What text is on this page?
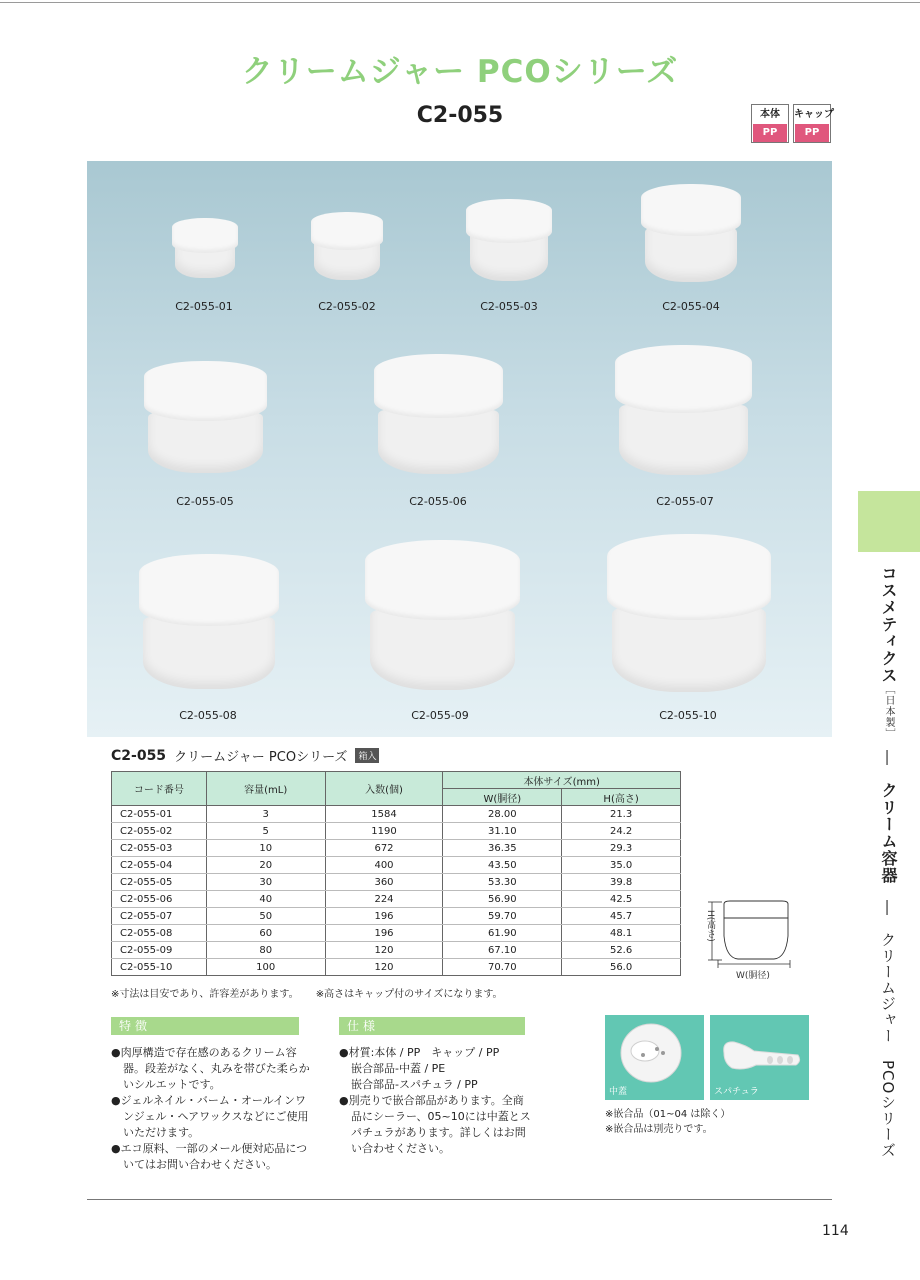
クリームジャー PCOシリーズ
C2-055	本体
PP
キャップ
PP
C2-055-01	C2-055-02	C2-055-03	C2-055-04
C2-055-05	C2-055-06	C2-055-07
C2-055-08	C2-055-09	C2-055-10
コスメティクス［日本製］　―　クリーム容器　―　クリームジャー　PCOシリーズ
C2-055 クリームジャー PCOシリーズ	箱入
コード番号	容量(mL)	入数(個)	本体サイズ(mm)	
			W(胴径)	H(高さ)
C2-055-01	3	1584	28.00	21.3
C2-055-02	5	1190	31.10	24.2
C2-055-03	10	672	36.35	29.3
C2-055-04	20	400	43.50	35.0
C2-055-05	30	360	53.30	39.8
C2-055-06	40	224	56.90	42.5
C2-055-07	50	196	59.70	45.7
C2-055-08	60	196	61.90	48.1
C2-055-09	80	120	67.10	52.6
C2-055-10	100	120	70.70	56.0
※寸法は目安であり、許容差があります。 ※高さはキャップ付のサイズになります。
H(高さ)
W(胴径)
特徴

●肉厚構造で存在感のあるクリーム容器。段差がなく、丸みを帯びた柔らかいシルエットです。

●ジェルネイル・バーム・オールインワンジェル・ヘアワックスなどにご使用いただけます。

●エコ原料、一部のメール便対応品についてはお問い合わせください。

仕様

●材質:本体 / PP　キャップ / PP

嵌合部品-中蓋 / PE

嵌合部品-スパチュラ / PP

●別売りで嵌合部品があります。全商品にシーラー、05~10には中蓋とスパチュラがあります。詳しくはお問い合わせください。

中蓋	スパチュラ
※嵌合品（01~04 は除く）
※嵌合品は別売りです。
114
